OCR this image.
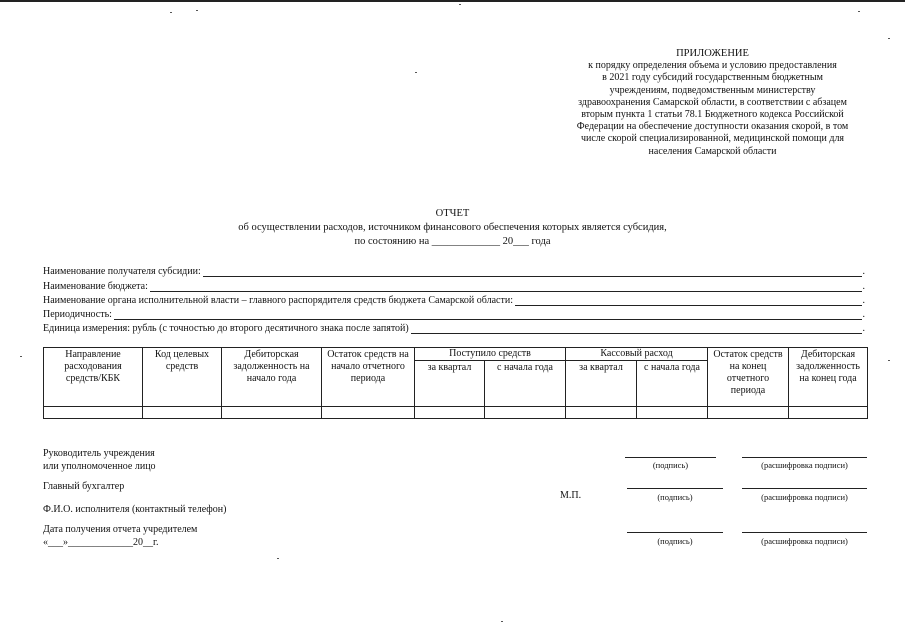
ПРИЛОЖЕНИЕ
к порядку определения объема и условию предоставления
в 2021 году субсидий государственным бюджетным
учреждениям, подведомственным министерству
здравоохранения Самарской области, в соответствии с абзацем
вторым пункта 1 статьи 78.1 Бюджетного кодекса Российской
Федерации на обеспечение доступности оказания скорой, в том
числе скорой специализированной, медицинской помощи для
населения Самарской области
ОТЧЕТ
об осуществлении расходов, источником финансового обеспечения которых является субсидия,
по состоянию на _____________ 20___ года
Наименование получателя субсидии:	.
Наименование бюджета:	.
Наименование органа исполнительной власти – главного распорядителя средств бюджета Самарской области:	.
Периодичность:	.
Единица измерения: рубль (с точностью до второго десятичного знака после запятой)	.
Направление расходования средств/КБК	Код целевых средств	Дебиторская задолженность на начало года	Остаток средств на начало отчетного периода	Поступило средств		Кассовый расход		Остаток средств на конец отчетного периода	Дебиторская задолженность на конец года
				за квартал	с начала года	за квартал	с начала года		

Руководитель учреждения
или уполномоченное лицо	(подпись)	(расшифровка подписи)
Главный бухгалтер
М.П.	(подпись)	(расшифровка подписи)
Ф.И.О. исполнителя (контактный телефон)
Дата получения отчета учредителем
«___»_____________20__г.	(подпись)	(расшифровка подписи)
